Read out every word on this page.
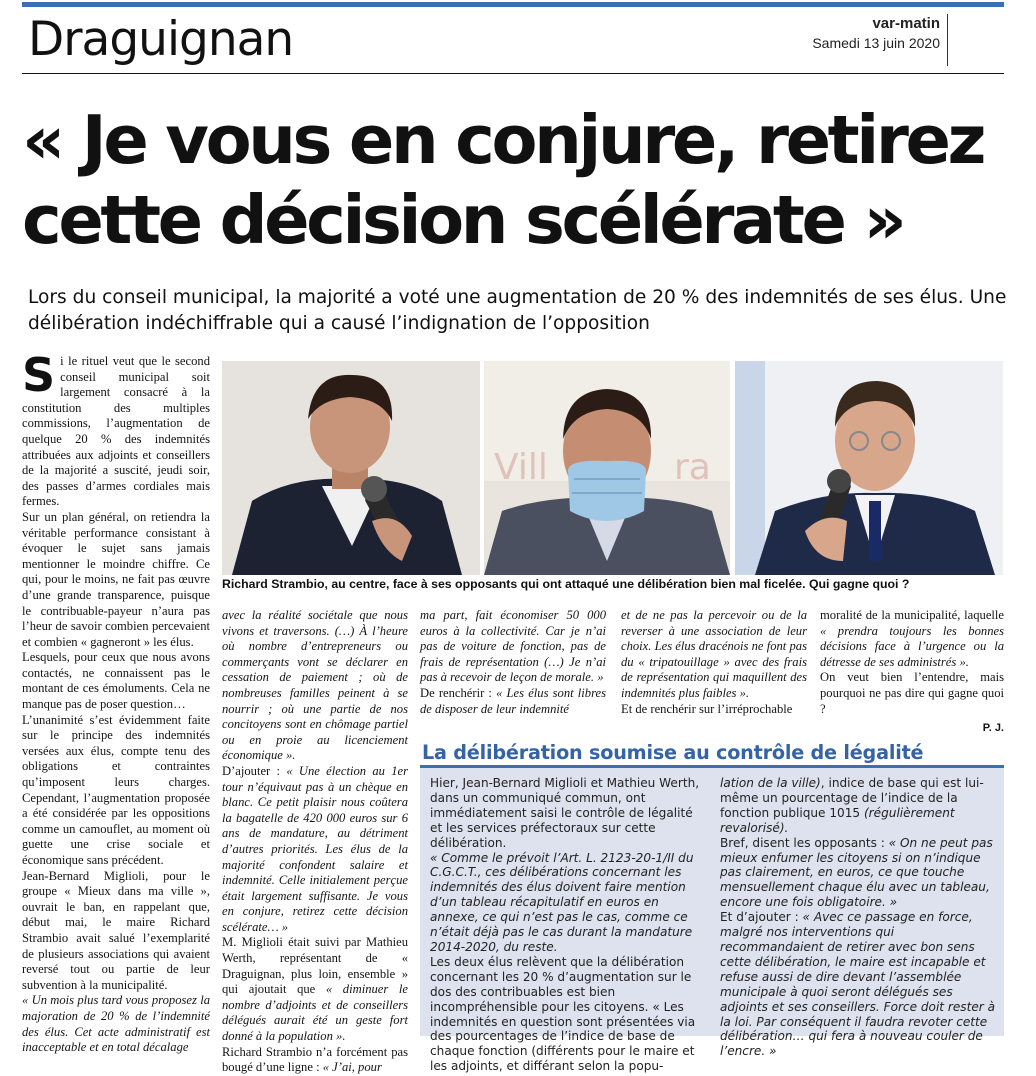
Draguignan	var-matin
Samedi 13 juin 2020
« Je vous en conjure, retirez cette décision scélérate »

Lors du conseil municipal, la majorité a voté une augmentation de 20 % des indemnités de ses élus. Une délibération indéchiffrable qui a causé l’indignation de l’opposition

Si le rituel veut que le second conseil municipal soit largement consacré à la constitution des multiples commissions, l’augmentation de quelque 20 % des indemnités attribuées aux adjoints et conseillers de la majorité a suscité, jeudi soir, des passes d’armes cordiales mais fermes.

Sur un plan général, on retiendra la véritable performance consistant à évoquer le sujet sans jamais mentionner le moindre chiffre. Ce qui, pour le moins, ne fait pas œuvre d’une grande transparence, puisque le contribuable-payeur n’aura pas l’heur de savoir combien percevaient et combien « gagneront » les élus.

Lesquels, pour ceux que nous avons contactés, ne connaissent pas le montant de ces émoluments. Cela ne manque pas de poser question…

L’unanimité s’est évidemment faite sur le principe des indemnités versées aux élus, compte tenu des obligations et contraintes qu’imposent leurs charges. Cependant, l’augmentation proposée a été considérée par les oppositions comme un camouflet, au moment où guette une crise sociale et économique sans précédent.

Jean-Bernard Miglioli, pour le groupe « Mieux dans ma ville », ouvrait le ban, en rappelant que, début mai, le maire Richard Strambio avait salué l’exemplarité de plusieurs associations qui avaient reversé tout ou partie de leur subvention à la municipalité.

« Un mois plus tard vous proposez la majoration de 20 % de l’indemnité des élus. Cet acte administratif est inacceptable et en total décalage

Vill	ra
Richard Strambio, au centre, face à ses opposants qui ont attaqué une délibération bien mal ficelée. Qui gagne quoi ?

avec la réalité sociétale que nous vivons et traversons. (…) À l’heure où nombre d’entrepreneurs ou commerçants vont se déclarer en cessation de paiement ; où de nombreuses familles peinent à se nourrir ; où une partie de nos concitoyens sont en chômage partiel ou en proie au licenciement économique ».

D’ajouter : « Une élection au 1er tour n’équivaut pas à un chèque en blanc. Ce petit plaisir nous coûtera la bagatelle de 420 000 euros sur 6 ans de mandature, au détriment d’autres priorités. Les élus de la majorité confondent salaire et indemnité. Celle initialement perçue était largement suffisante. Je vous en conjure, retirez cette décision scélérate… »

M. Miglioli était suivi par Mathieu Werth, représentant de « Draguignan, plus loin, ensemble » qui ajoutait que « diminuer le nombre d’adjoints et de conseillers délégués aurait été un geste fort donné à la population ».

Richard Strambio n’a forcément pas bougé d’une ligne : « J’ai, pour

ma part, fait économiser 50 000 euros à la collectivité. Car je n’ai pas de voiture de fonction, pas de frais de représentation (…) Je n’ai pas à recevoir de leçon de morale. »

De renchérir : « Les élus sont libres de disposer de leur indemnité

et de ne pas la percevoir ou de la reverser à une association de leur choix. Les élus dracénois ne font pas du « tripatouillage » avec des frais de représentation qui maquillent des indemnités plus faibles ».

Et de renchérir sur l’irréprochable

moralité de la municipalité, laquelle « prendra toujours les bonnes décisions face à l’urgence ou la détresse de ses administrés ».

On veut bien l’entendre, mais pourquoi ne pas dire qui gagne quoi ?

P. J.

La délibération soumise au contrôle de légalité

Hier, Jean-Bernard Miglioli et Mathieu Werth, dans un communiqué commun, ont immédiatement saisi le contrôle de légalité et les services préfectoraux sur cette délibération.

« Comme le prévoit l’Art. L. 2123-20-1/II du C.G.C.T., ces délibérations concernant les indemnités des élus doivent faire mention d’un tableau récapitulatif en euros en annexe, ce qui n’est pas le cas, comme ce n’était déjà pas le cas durant la mandature 2014-2020, du reste.

Les deux élus relèvent que la délibération concernant les 20 % d’augmentation sur le dos des contribuables est bien incompréhensible pour les citoyens. « Les indemnités en question sont présentées via des pourcentages de l’indice de base de chaque fonction (différents pour le maire et les adjoints, et différant selon la popu-

lation de la ville), indice de base qui est lui-même un pourcentage de l’indice de la fonction publique 1015 (régulièrement revalorisé).

Bref, disent les opposants : « On ne peut pas mieux enfumer les citoyens si on n’indique pas clairement, en euros, ce que touche mensuellement chaque élu avec un tableau, encore une fois obligatoire. »

Et d’ajouter : « Avec ce passage en force, malgré nos interventions qui recommandaient de retirer avec bon sens cette délibération, le maire est incapable et refuse aussi de dire devant l’assemblée municipale à quoi seront délégués ses adjoints et ses conseillers. Force doit rester à la loi. Par conséquent il faudra revoter cette délibération… qui fera à nouveau couler de l’encre. »
